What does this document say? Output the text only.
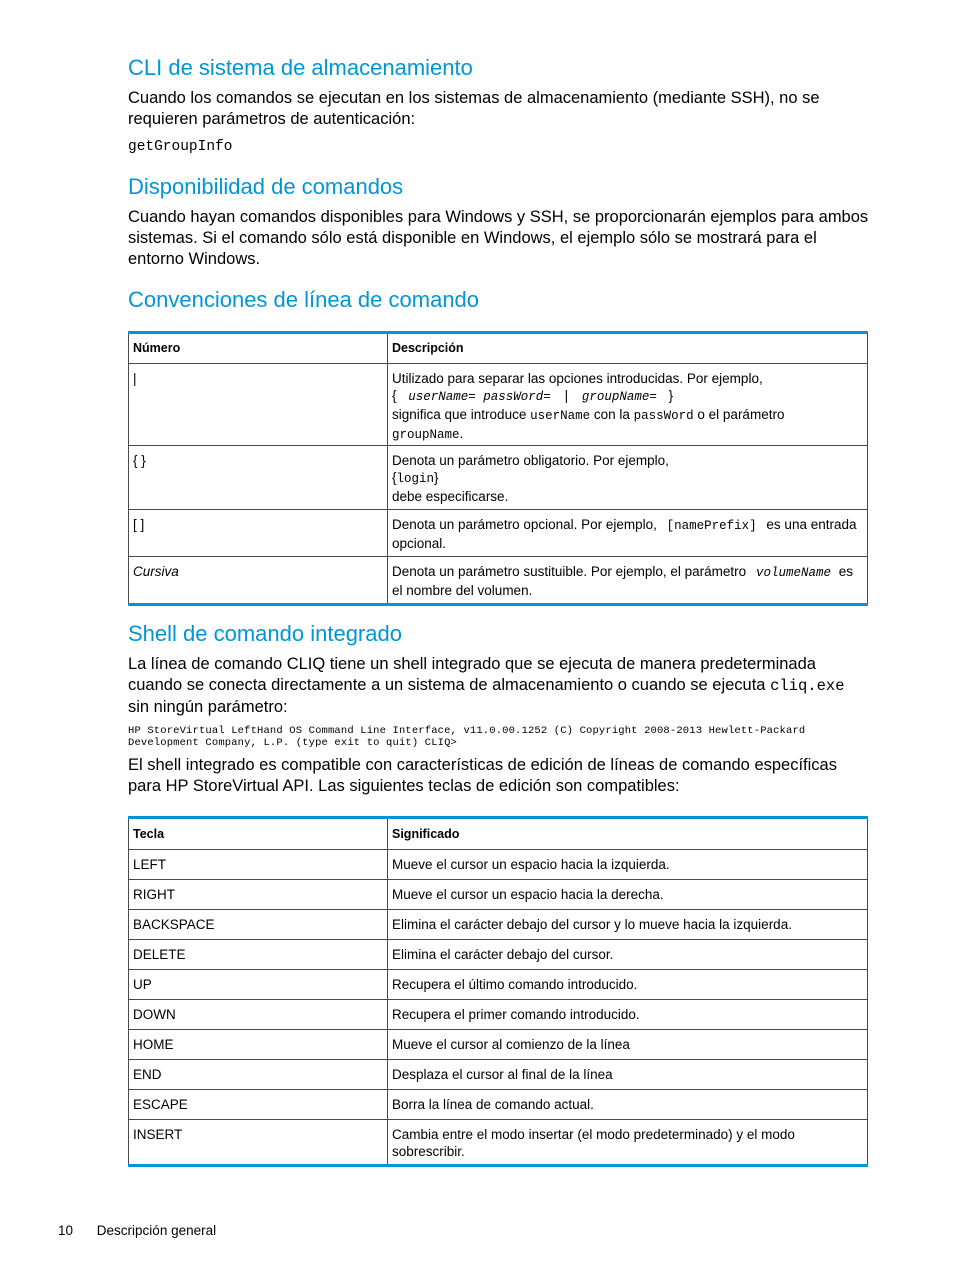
CLI de sistema de almacenamiento

Cuando los comandos se ejecutan en los sistemas de almacenamiento (mediante SSH), no se requieren parámetros de autenticación:

getGroupInfo

Disponibilidad de comandos

Cuando hayan comandos disponibles para Windows y SSH, se proporcionarán ejemplos para ambos sistemas. Si el comando sólo está disponible en Windows, el ejemplo sólo se mostrará para el entorno Windows.

Convenciones de línea de comando
Número	Descripción
|	Utilizado para separar las opciones introducidas. Por ejemplo,
{ userName= passWord= | groupName= }
significa que introduce userName con la passWord o el parámetro
groupName.

{ }	Denota un parámetro obligatorio. Por ejemplo,
{login}
debe especificarse.

[ ]	Denota un parámetro opcional. Por ejemplo, [namePrefix] es una entrada opcional.
Cursiva	Denota un parámetro sustituible. Por ejemplo, el parámetro volumeName es el nombre del volumen.
Shell de comando integrado

La línea de comando CLIQ tiene un shell integrado que se ejecuta de manera predeterminada cuando se conecta directamente a un sistema de almacenamiento o cuando se ejecuta cliq.exe sin ningún parámetro:

HP StoreVirtual LeftHand OS Command Line Interface, v11.0.00.1252 (C) Copyright 2008-2013 Hewlett-Packard Development Company, L.P. (type exit to quit) CLIQ>

El shell integrado es compatible con características de edición de líneas de comando específicas para HP StoreVirtual API. Las siguientes teclas de edición son compatibles:

Tecla	Significado
LEFT	Mueve el cursor un espacio hacia la izquierda.
RIGHT	Mueve el cursor un espacio hacia la derecha.
BACKSPACE	Elimina el carácter debajo del cursor y lo mueve hacia la izquierda.
DELETE	Elimina el carácter debajo del cursor.
UP	Recupera el último comando introducido.
DOWN	Recupera el primer comando introducido.
HOME	Mueve el cursor al comienzo de la línea
END	Desplaza el cursor al final de la línea
ESCAPE	Borra la línea de comando actual.
INSERT	Cambia entre el modo insertar (el modo predeterminado) y el modo sobrescribir.
10 Descripción general
